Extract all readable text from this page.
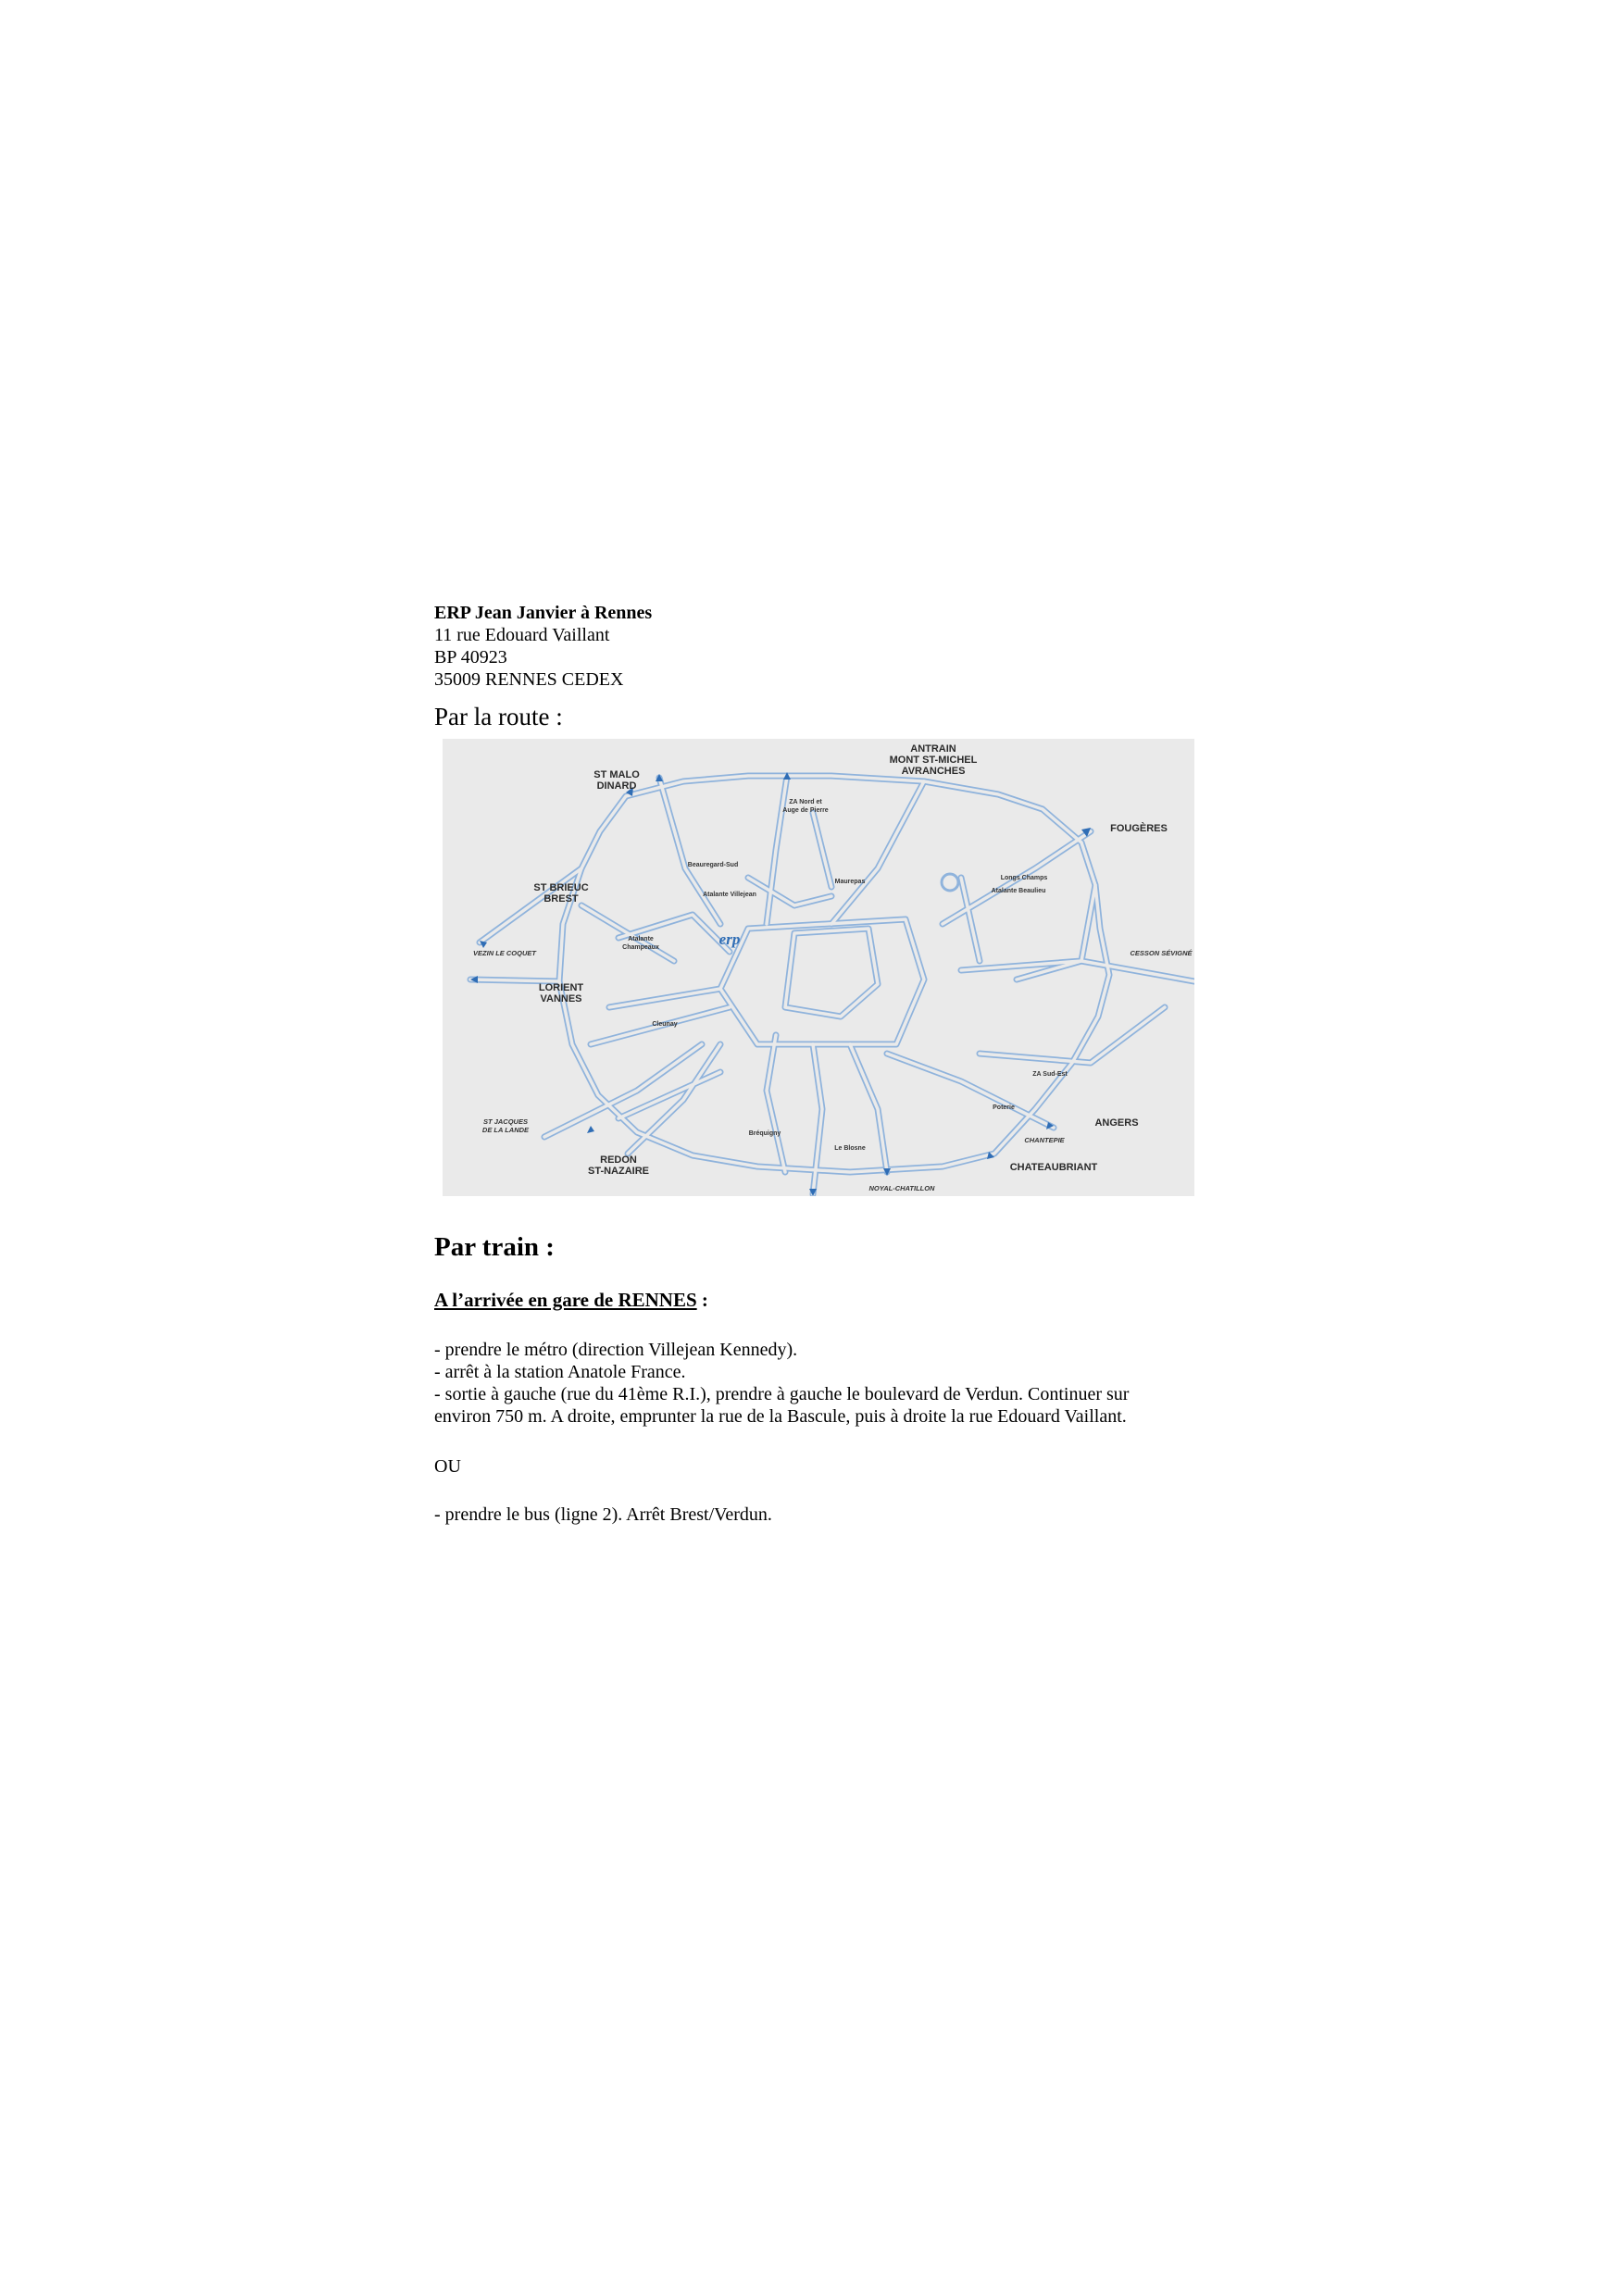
ERP Jean Janvier à Rennes
11 rue Edouard Vaillant
BP 40923
35009 RENNES CEDEX
Par la route :
ST MALO
DINARD
ANTRAIN
MONT ST-MICHEL
AVRANCHES
FOUGÈRES
ST BRIEUC
BREST
LORIENT
VANNES
REDON
ST-NAZAIRE
ANGERS
CHATEAUBRIANT
VEZIN LE COQUET	CESSON SÉVIGNÉ
ST JACQUES
DE LA LANDE
CHANTEPIE
NOYAL-CHATILLON
ZA Nord et
Auge de Pierre
Beauregard-Sud
Atalante Villejean
Maurepas
Longs Champs
Atalante Beaulieu
Atalante
Champeaux
Cleunay
ZA Sud-Est
Poterie
Bréquigny
Le Blosne
erp
Par train :
A l’arrivée en gare de RENNES :
- prendre le métro (direction Villejean Kennedy).
- arrêt à la station Anatole France.
- sortie à gauche (rue du 41ème R.I.), prendre à gauche le boulevard de Verdun. Continuer sur environ 750 m. A droite, emprunter la rue de la Bascule, puis à droite la rue Edouard Vaillant.
OU
- prendre le bus (ligne 2). Arrêt Brest/Verdun.
